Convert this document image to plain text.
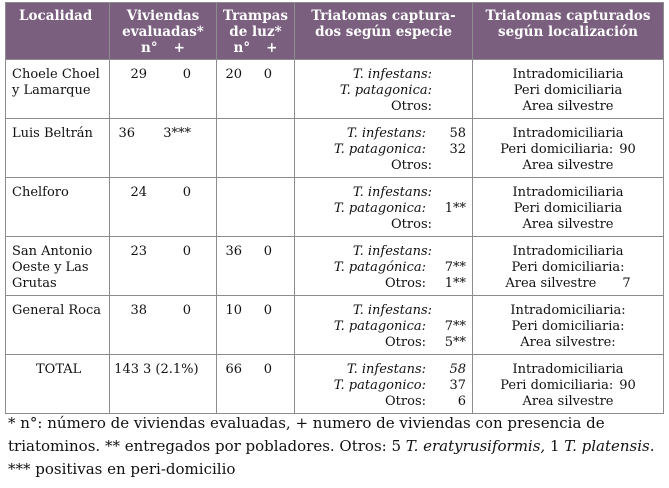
Localidad	Viviendas
evaluadas*
n° +	Trampas
de luz*
n° +	Triatomas captura-
dos según especie	Triatomas capturados
según localización

Choele Choel
y Lamarque	29 0	20 0	T. infestans:
T. patagonica:
Otros:	Intradomiciliaria
Peri domiciliaria
Area silvestre

Luis Beltrán	36 3***		T. infestans: 58
T. patagonica: 32
Otros:	Intradomiciliaria
Peri domiciliaria: 90
Area silvestre

Chelforo	24 0		T. infestans:
T. patagonica: 1**
Otros:	Intradomiciliaria
Peri domiciliaria
Area silvestre

San Antonio
Oeste y Las
Grutas	23 0	36 0	T. infestans:
T. patagónica: 7**
Otros: 1**	Intradomiciliaria
Peri domiciliaria:
Area silvestre 7

General Roca	38 0	10 0	T. infestans:
T. patagonica: 7**
Otros: 5**	Intradomiciliaria:
Peri domiciliaria:
Area silvestre:

TOTAL	143 3 (2.1%)	66 0	T. infestans: 58
T. patagonico: 37
Otros: 6	Intradomiciliaria
Peri domiciliaria: 90
Area silvestre
* n°: número de viviendas evaluadas, + numero de viviendas con presencia de triatominos. ** entregados por pobladores. Otros: 5 T. eratyrusiformis, 1 T. platensis. *** positivas en peri-domicilio
